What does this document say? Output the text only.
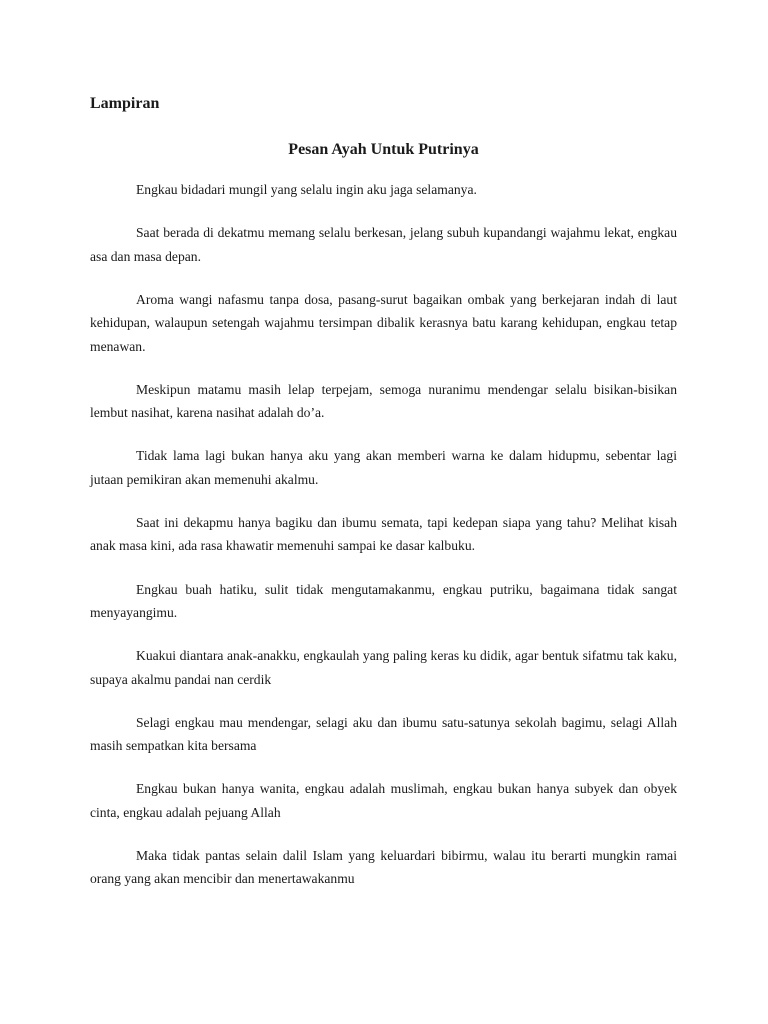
Lampiran
Pesan Ayah Untuk Putrinya

Engkau bidadari mungil yang selalu ingin aku jaga selamanya.

Saat berada di dekatmu memang selalu berkesan, jelang subuh kupandangi wajahmu lekat, engkau asa dan masa depan.

Aroma wangi nafasmu tanpa dosa, pasang-surut bagaikan ombak yang berkejaran indah di laut kehidupan, walaupun setengah wajahmu tersimpan dibalik kerasnya batu karang kehidupan, engkau tetap menawan.

Meskipun matamu masih lelap terpejam, semoga nuranimu mendengar selalu bisikan-bisikan lembut nasihat, karena nasihat adalah do’a.

Tidak lama lagi bukan hanya aku yang akan memberi warna ke dalam hidupmu, sebentar lagi jutaan pemikiran akan memenuhi akalmu.

Saat ini dekapmu hanya bagiku dan ibumu semata, tapi kedepan siapa yang tahu? Melihat kisah anak masa kini, ada rasa khawatir memenuhi sampai ke dasar kalbuku.

Engkau buah hatiku, sulit tidak mengutamakanmu, engkau putriku, bagaimana tidak sangat menyayangimu.

Kuakui diantara anak-anakku, engkaulah yang paling keras ku didik, agar bentuk sifatmu tak kaku, supaya akalmu pandai nan cerdik

Selagi engkau mau mendengar, selagi aku dan ibumu satu-satunya sekolah bagimu, selagi Allah masih sempatkan kita bersama

Engkau bukan hanya wanita, engkau adalah muslimah, engkau bukan hanya subyek dan obyek cinta, engkau adalah pejuang Allah

Maka tidak pantas selain dalil Islam yang keluardari bibirmu, walau itu berarti mungkin ramai orang yang akan mencibir dan menertawakanmu
